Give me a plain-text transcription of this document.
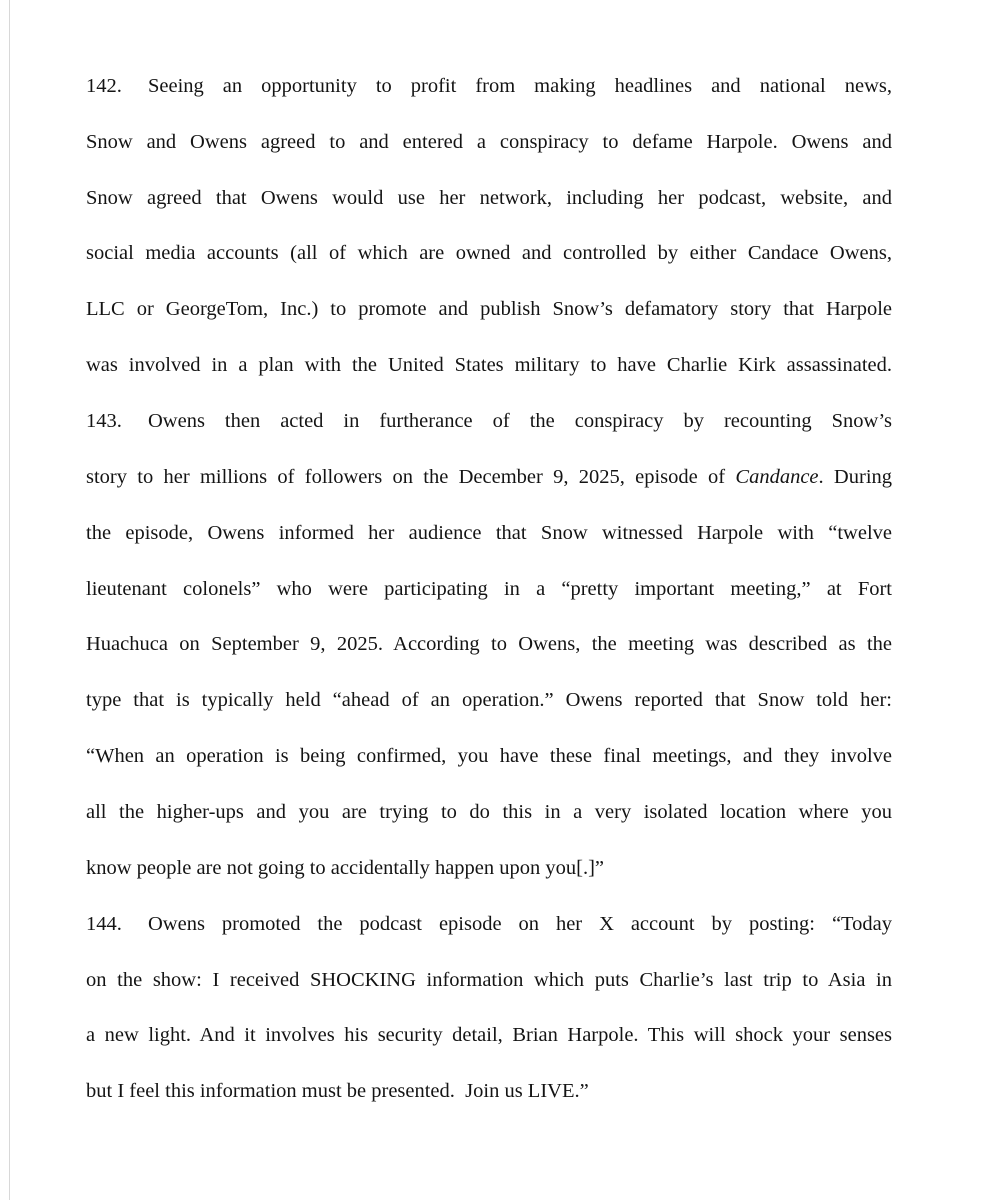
142.	Seeing an opportunity to profit from making headlines and national news,
Snow and Owens agreed to and entered a conspiracy to defame Harpole. Owens and
Snow agreed that Owens would use her network, including her podcast, website, and
social media accounts (all of which are owned and controlled by either Candace Owens,
LLC or GeorgeTom, Inc.) to promote and publish Snow’s defamatory story that Harpole
was involved in a plan with the United States military to have Charlie Kirk assassinated.
143.	Owens then acted in furtherance of the conspiracy by recounting Snow’s
story to her millions of followers on the December 9, 2025, episode of Candance. During
the episode, Owens informed her audience that Snow witnessed Harpole with “twelve
lieutenant colonels” who were participating in a “pretty important meeting,” at Fort
Huachuca on September 9, 2025. According to Owens, the meeting was described as the
type that is typically held “ahead of an operation.” Owens reported that Snow told her:
“When an operation is being confirmed, you have these final meetings, and they involve
all the higher-ups and you are trying to do this in a very isolated location where you
know people are not going to accidentally happen upon you[.]”
144.	Owens promoted the podcast episode on her X account by posting: “Today
on the show: I received SHOCKING information which puts Charlie’s last trip to Asia in
a new light. And it involves his security detail, Brian Harpole. This will shock your senses
but I feel this information must be presented.  Join us LIVE.”
